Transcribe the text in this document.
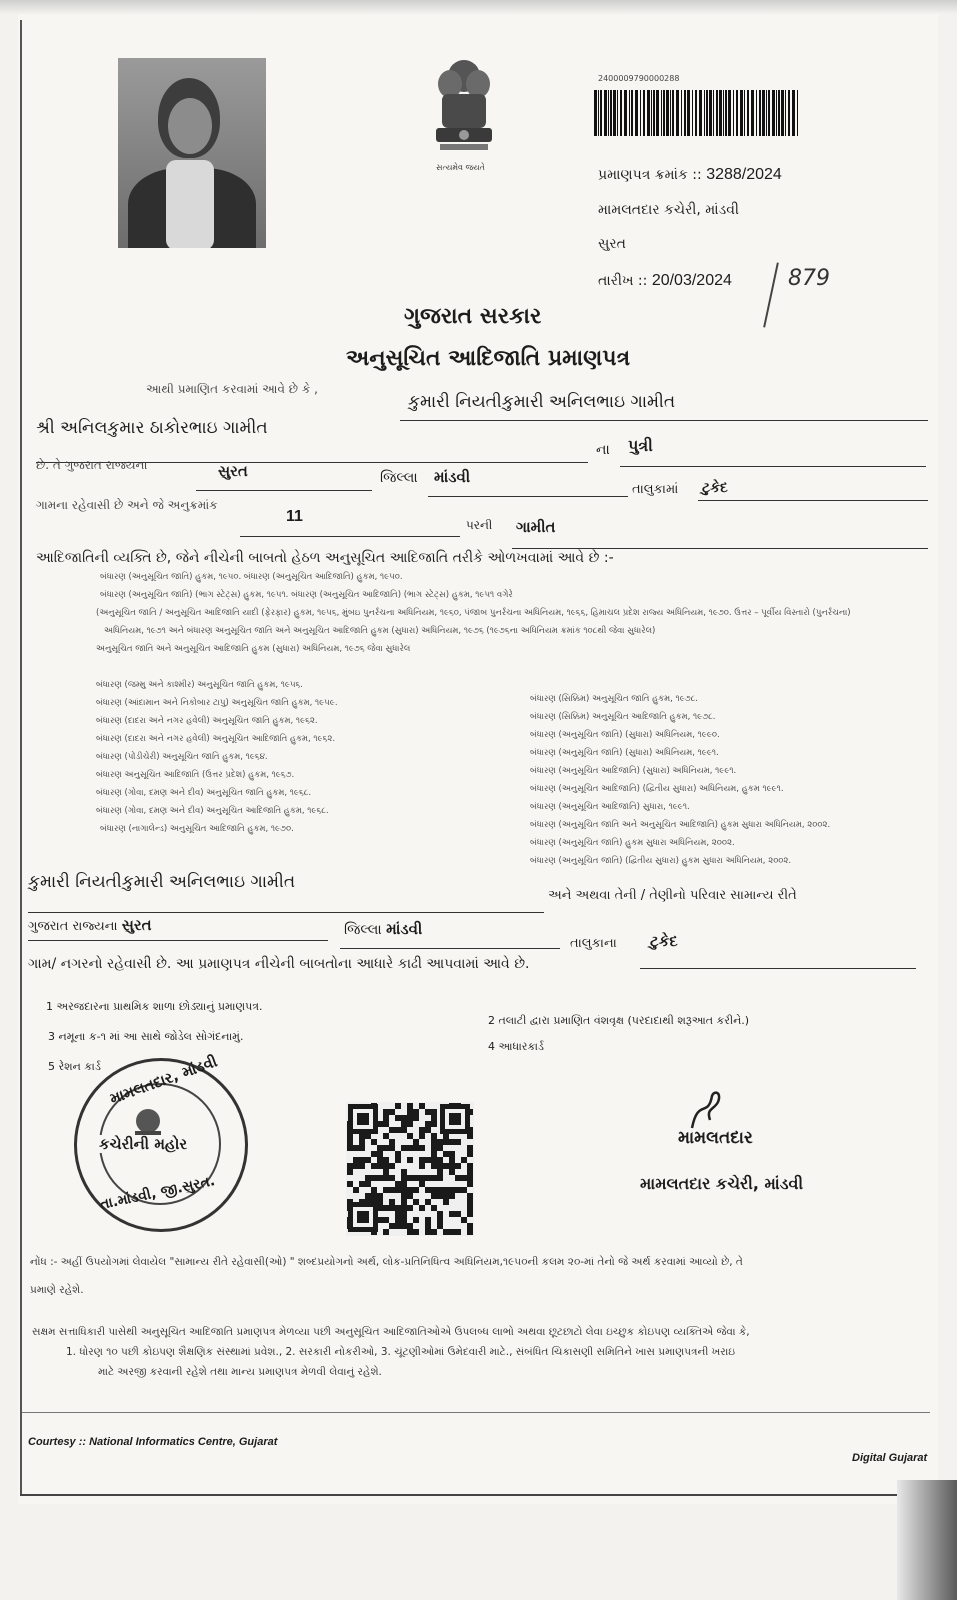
સત્યમેવ જયતે
2400009790000288
પ્રમાણપત્ર ક્રમાંક :: 3288/2024
મામલતદાર કચેરી, માંડવી
સુરત
તારીખ :: 20/03/2024	879
ગુજરાત સરકાર
અનુસૂચિત આદિજાતિ પ્રમાણપત્ર
આથી પ્રમાણિત કરવામાં આવે છે કે ,
કુમારી નિયતીકુમારી અનિલભાઇ ગામીત
શ્રી અનિલકુમાર ઠાકોરભાઇ ગામીત
ના પુત્રી
છે. તે ગુજરાત રાજ્યના	સુરત	જિલ્લા માંડવી
તાલુકામાં ટુકેદ
ગામના રહેવાસી છે અને જે અનુક્રમાંક
11	પરની ગામીત
આદિજાતિની વ્યક્તિ છે, જેને નીચેની બાબતો હેઠળ અનુસૂચિત આદિજાતિ તરીકે ઓળખવામાં આવે છે :-
બંધારણ (અનુસૂચિત જાતિ) હુકમ, ૧૯૫૦. બંધારણ (અનુસૂચિત આદિજાતિ) હુકમ, ૧૯૫૦.
બંધારણ (અનુસૂચિત જાતિ) (ભાગ સ્ટેટ્સ) હુકમ, ૧૯૫૧. બંધારણ (અનુસૂચિત આદિજાતિ) (ભાગ સ્ટેટ્સ) હુકમ, ૧૯૫૧ વગેરે
(અનુસૂચિત જાતિ / અનુસૂચિત આદિજાતિ યાદી (ફેરફાર) હુકમ, ૧૯૫૬, મુંબઇ પુનર્રચના અધિનિયમ, ૧૯૬૦, પંજાબ પુનર્રચના અધિનિયમ, ૧૯૬૬, હિમાચલ પ્રદેશ રાજ્ય અધિનિયમ, ૧૯૭૦. ઉત્તર – પૂર્વીય વિસ્તારો (પુનર્રચના)
અધિનિયમ, ૧૯૭૧ અને બંધારણ અનુસૂચિત જાતિ અને અનુસૂચિત આદિજાતિ હુકમ (સુધારા) અધિનિયમ, ૧૯૭૬ (૧૯૭૬ના અધિનિયમ ક્રમાંક ૧૦૮થી જેવા સુધારેલ)
અનુસૂચિત જાતિ અને અનુસૂચિત આદિજાતિ હુકમ (સુધારા) અધિનિયમ, ૧૯૭૬ જેવા સુધારેલ
બંધારણ (જમ્મુ અને કાશ્મીર) અનુસૂચિત જાતિ હુકમ, ૧૯૫૬.
બંધારણ (આંદામાન અને નિકોબાર ટાપુ) અનુસૂચિત જાતિ હુકમ, ૧૯૫૯.
બંધારણ (દાદરા અને નગર હવેલી) અનુસૂચિત જાતિ હુકમ, ૧૯૬૨.
બંધારણ (દાદરા અને નગર હવેલી) અનુસૂચિત આદિજાતિ હુકમ, ૧૯૬૨.
બંધારણ (પોંડીચેરી) અનુસૂચિત જાતિ હુકમ, ૧૯૬૪.
બંધારણ અનુસૂચિત આદિજાતિ (ઉત્તર પ્રદેશ) હુકમ, ૧૯૬૭.
બંધારણ (ગોવા, દમણ અને દીવ) અનુસૂચિત જાતિ હુકમ, ૧૯૬૮.
બંધારણ (ગોવા, દમણ અને દીવ) અનુસૂચિત આદિજાતિ હુકમ, ૧૯૬૮.
બંધારણ (નાગાલેન્ડ) અનુસૂચિત આદિજાતિ હુકમ, ૧૯૭૦.
બંધારણ (સિક્કિમ) અનુસૂચિત જાતિ હુકમ, ૧૯૭૮.
બંધારણ (સિક્કિમ) અનુસૂચિત આદિજાતિ હુકમ, ૧૯૭૮.
બંધારણ (અનુસૂચિત જાતિ) (સુધારા) અધિનિયમ, ૧૯૯૦.
બંધારણ (અનુસૂચિત જાતિ) (સુધારા) અધિનિયમ, ૧૯૯૧.
બંધારણ (અનુસૂચિત આદિજાતિ) (સુધારા) અધિનિયમ, ૧૯૯૧.
બંધારણ (અનુસૂચિત આદિજાતિ) (દ્વિતીય સુધારા) અધિનિયમ, હુકમ ૧૯૯૧.
બંધારણ (અનુસૂચિત આદિજાતિ) સુધારા, ૧૯૯૧.
બંધારણ (અનુસૂચિત જાતિ અને અનુસૂચિત આદિજાતિ) હુકમ સુધારા અધિનિયમ, ૨૦૦૨.
બંધારણ (અનુસૂચિત જાતિ) હુકમ સુધારા અધિનિયમ, ૨૦૦૨.
બંધારણ (અનુસૂચિત જાતિ) (દ્વિતીય સુધારા) હુકમ સુધારા અધિનિયમ, ૨૦૦૨.
કુમારી નિયતીકુમારી અનિલભાઇ ગામીત
અને અથવા તેની / તેણીનો પરિવાર સામાન્ય રીતે
ગુજરાત રાજ્યના સુરત	જિલ્લા માંડવી
તાલુકાના ટુકેદ
ગામ/ નગરનો રહેવાસી છે. આ પ્રમાણપત્ર નીચેની બાબતોના આધારે કાઢી આપવામાં આવે છે.
1 અરજદારના પ્રાથમિક શાળા છોડ્યાનું પ્રમાણપત્ર.
2 તલાટી દ્વારા પ્રમાણિત વંશવૃક્ષ (પરદાદાથી શરૂઆત કરીને.)
3 નમૂના ક-૧ માં આ સાથે જોડેલ સોગંદનામું.
4 આધારકાર્ડ
5 રેશન કાર્ડ મામલતદાર, માંડવી
કચેરીની મહોર
તા.માંડવી, જી.સુરત.
મામલતદાર
મામલતદાર કચેરી, માંડવી
નોંધ :- અહીં ઉપયોગમાં લેવાયેલ "સામાન્ય રીતે રહેવાસી(ઓ) " શબ્દપ્રયોગનો અર્થ, લોક-પ્રતિનિધિત્વ અધિનિયમ,૧૯૫૦ની કલમ ૨૦-માં તેનો જે અર્થ કરવામાં આવ્યો છે, તે
પ્રમાણે રહેશે.
સક્ષમ સત્તાધિકારી પાસેથી અનુસૂચિત આદિજાતિ પ્રમાણપત્ર મેળવ્યા પછી અનુસૂચિત આદિજાતિઓએ ઉપલબ્ધ લાભો અથવા છૂટછાટો લેવા ઇચ્છુક કોઇપણ વ્યક્તિએ જેવા કે,
1. ધોરણ ૧૦ પછી કોઇપણ શૈક્ષણિક સંસ્થામાં પ્રવેશ., 2. સરકારી નોકરીઓ, 3. ચૂંટણીઓમાં ઉમેદવારી માટે., સંબંધિત ચિકાસણી સમિતિને ખાસ પ્રમાણપત્રની ખરાઇ
માટે અરજી કરવાની રહેશે તથા માન્ય પ્રમાણપત્ર મેળવી લેવાનું રહેશે.
Courtesy :: National Informatics Centre, Gujarat
Digital Gujarat
